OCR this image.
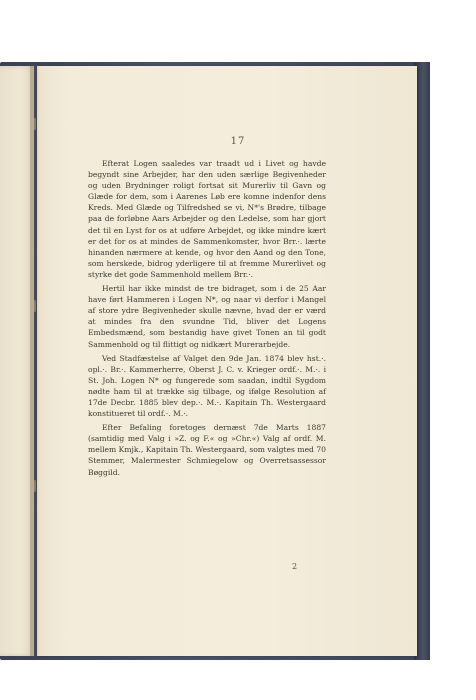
17

Efterat Logen saaledes var traadt ud i Livet og havde begyndt sine Arbejder, har den uden særlige Begivenheder og uden Brydninger roligt fortsat sit Murerliv til Gavn og Glæde for dem, som i Aarenes Løb ere komne indenfor dens Kreds. Med Glæde og Tilfredshed se vi, N*'s Brødre, tilbage paa de forløbne Aars Arbejder og den Ledelse, som har gjort det til en Lyst for os at udføre Arbejdet, og ikke mindre kært er det for os at mindes de Sammenkomster, hvor Brr.·. lærte hinanden nærmere at kende, og hvor den Aand og den Tone, som herskede, bidrog yderligere til at fremme Murerlivet og styrke det gode Sammenhold mellem Brr.·.

Hertil har ikke mindst de tre bidraget, som i de 25 Aar have ført Hammeren i Logen N*, og naar vi derfor i Mangel af store ydre Begivenheder skulle nævne, hvad der er værd at mindes fra den svundne Tid, bliver det Logens Embedsmænd, som bestandig have givet Tonen an til godt Sammenhold og til flittigt og nidkært Murerarbejde.

Ved Stadfæstelse af Valget den 9de Jan. 1874 blev hst.·. opl.·. Br.·. Kammerherre, Oberst J. C. v. Krieger ordf.·. M.·. i St. Joh. Logen N* og fungerede som saadan, indtil Sygdom nødte ham til at trække sig tilbage, og ifølge Resolution af 17de Decbr. 1885 blev dep.·. M.·. Kapitain Th. Westergaard konstitueret til ordf.·. M.·.

Efter Befaling foretoges dernæst 7de Marts 1887 (samtidig med Valg i »Z. og F.« og »Chr.«) Valg af ordf. M. mellem Kmjk., Kapitain Th. Westergaard, som valgtes med 70 Stemmer, Malermester Schmiegelow og Overretsassessor Bøggild.

2
